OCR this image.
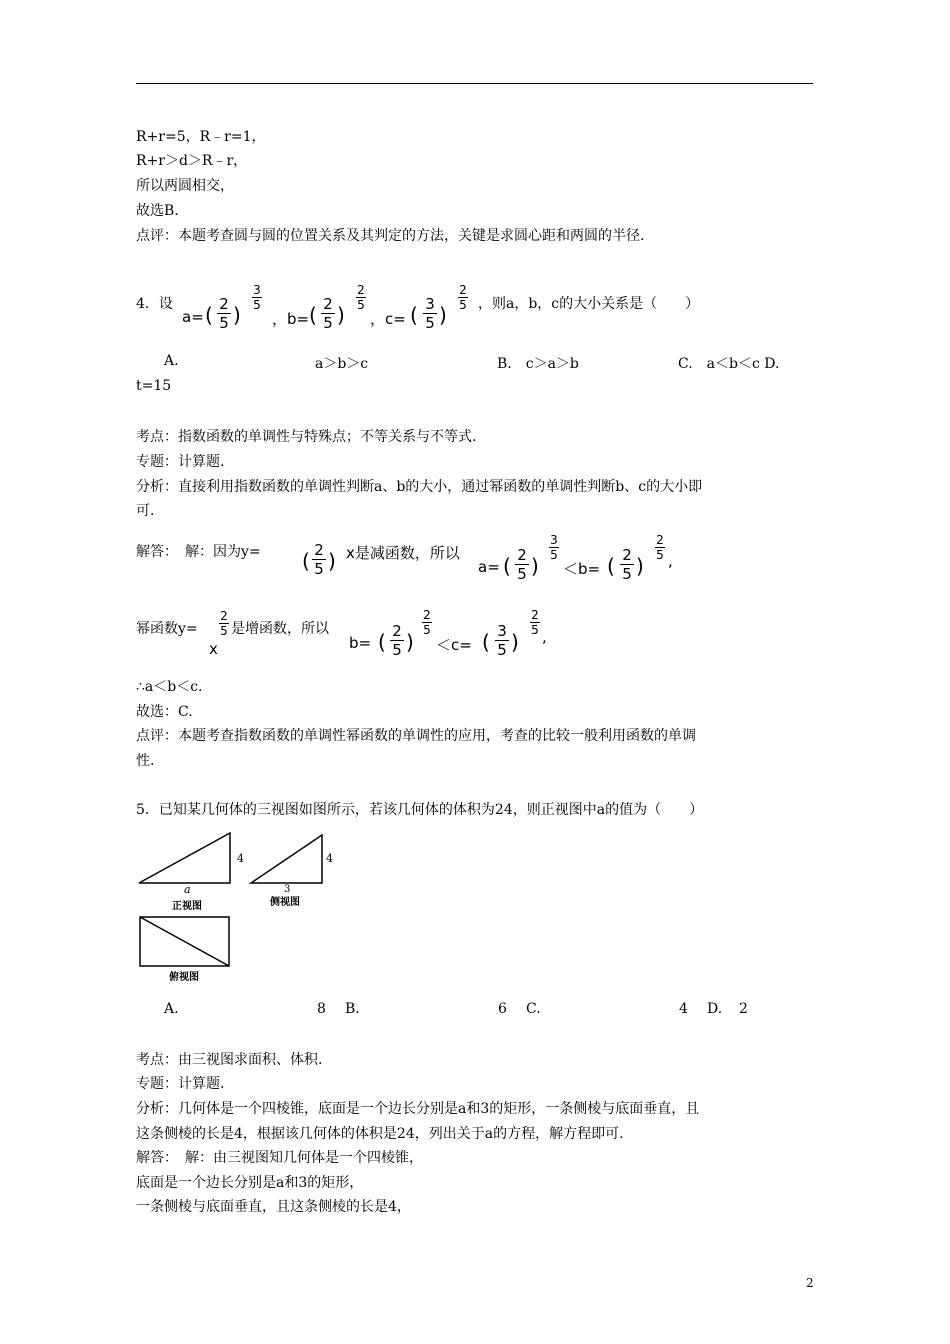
R+r=5，R﹣r=1，
R+r＞d＞R﹣r，
所以两圆相交，
故选B.
点评：本题考查圆与圆的位置关系及其判定的方法，关键是求圆心距和两圆的半径.
4．设
a= ( 2
5 )
3
5
，b= ( 2
5 )
2
5
，c= ( 3
5 )
2
5 ，则a，b，c的大小关系是（　　）
A.	a＞b＞c	B.　c＞a＞b	C.　a＜b＜c D.
t=15
考点：指数函数的单调性与特殊点；不等关系与不等式.
专题：计算题.
分析：直接利用指数函数的单调性判断a、b的大小，通过幂函数的单调性判断b、c的大小即
可.
解答：　解：因为y= ( 2
5 ) x是减函数，所以
a= ( 2
5 )
3
5
＜b= ( 2
5 )
2
5 ,
幂函数y=
x
2
5 是增函数，所以
b= ( 2
5 )
2
5
＜c= ( 3
5 )
2
5 ,
∴a＜b＜c.
故选：C.
点评：本题考查指数函数的单调性幂函数的单调性的应用，考查的比较一般利用函数的单调
性.
5．已知某几何体的三视图如图所示，若该几何体的体积为24，则正视图中a的值为（　　）
a
4	4
3
正视图	侧视图
俯视图
A.	8 B.	6 C.	4 D. 2
考点：由三视图求面积、体积.
专题：计算题.
分析：几何体是一个四棱锥，底面是一个边长分别是a和3的矩形，一条侧棱与底面垂直，且
这条侧棱的长是4，根据该几何体的体积是24，列出关于a的方程，解方程即可.
解答：　解：由三视图知几何体是一个四棱锥，
底面是一个边长分别是a和3的矩形，
一条侧棱与底面垂直，且这条侧棱的长是4，
2
